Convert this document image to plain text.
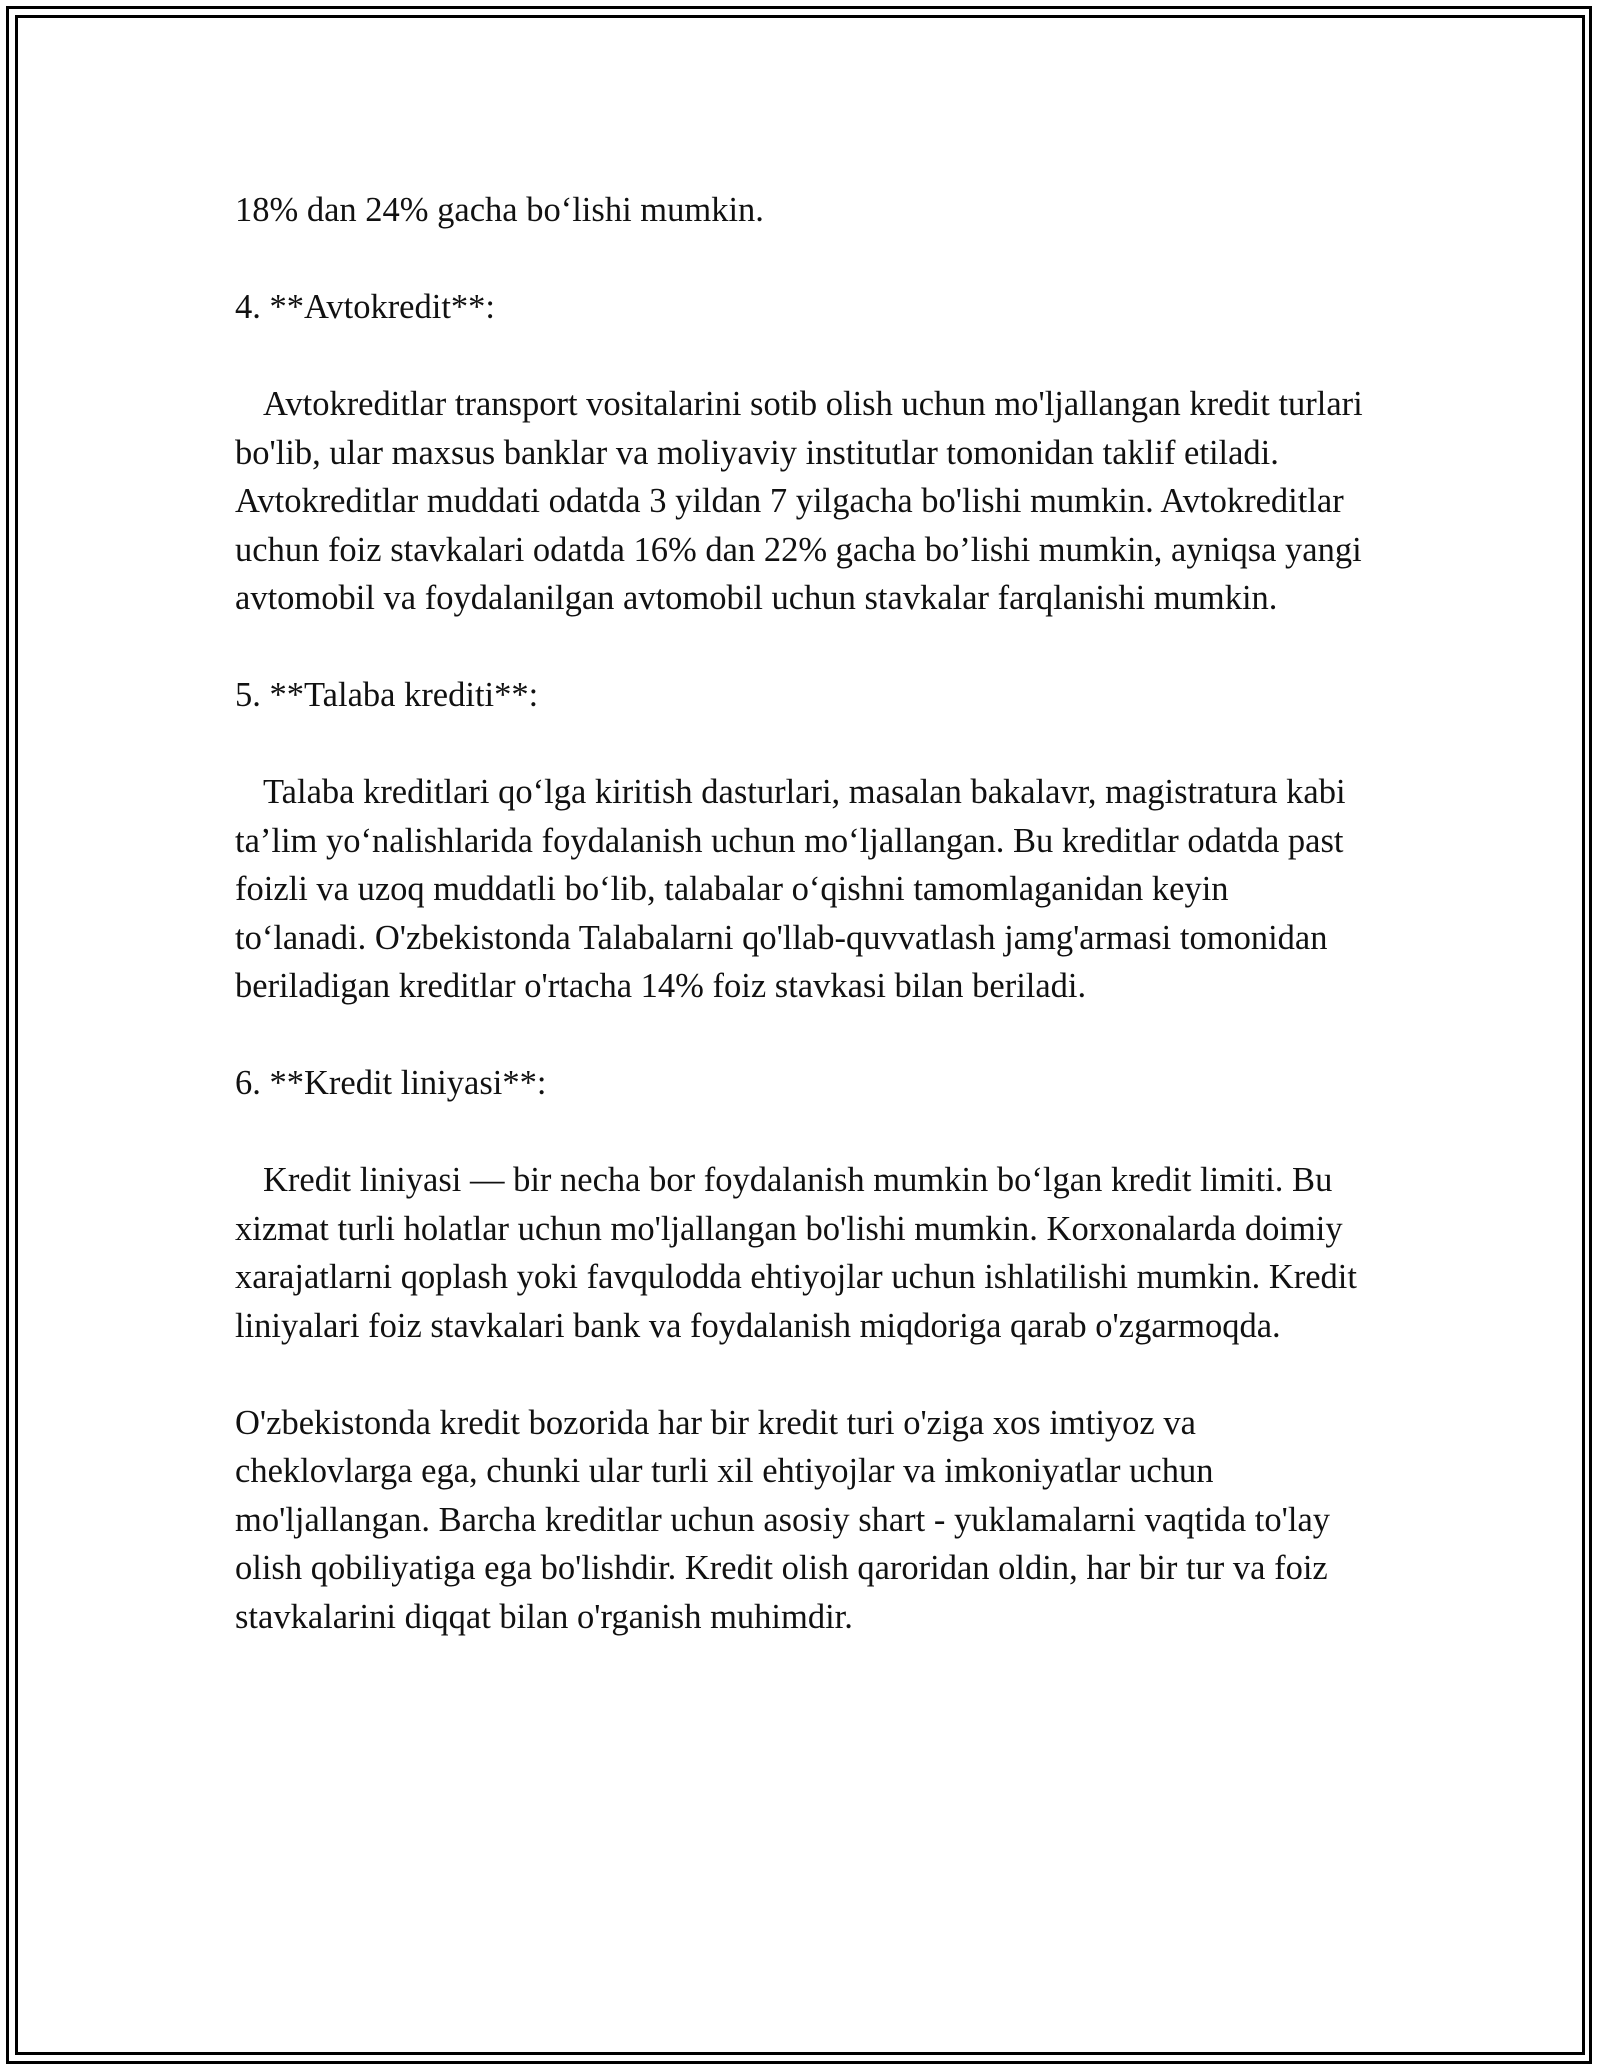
18% dan 24% gacha bo‘lishi mumkin.

4. **Avtokredit**:

Avtokreditlar transport vositalarini sotib olish uchun mo'ljallangan kredit turlari bo'lib, ular maxsus banklar va moliyaviy institutlar tomonidan taklif etiladi. Avtokreditlar muddati odatda 3 yildan 7 yilgacha bo'lishi mumkin. Avtokreditlar uchun foiz stavkalari odatda 16% dan 22% gacha bo’lishi mumkin, ayniqsa yangi avtomobil va foydalanilgan avtomobil uchun stavkalar farqlanishi mumkin.

5. **Talaba krediti**:

Talaba kreditlari qo‘lga kiritish dasturlari, masalan bakalavr, magistratura kabi ta’lim yo‘nalishlarida foydalanish uchun mo‘ljallangan. Bu kreditlar odatda past foizli va uzoq muddatli bo‘lib, talabalar o‘qishni tamomlaganidan keyin to‘lanadi. O'zbekistonda Talabalarni qo'llab-quvvatlash jamg'armasi tomonidan beriladigan kreditlar o'rtacha 14% foiz stavkasi bilan beriladi.

6. **Kredit liniyasi**:

Kredit liniyasi — bir necha bor foydalanish mumkin bo‘lgan kredit limiti. Bu xizmat turli holatlar uchun mo'ljallangan bo'lishi mumkin. Korxonalarda doimiy xarajatlarni qoplash yoki favqulodda ehtiyojlar uchun ishlatilishi mumkin. Kredit liniyalari foiz stavkalari bank va foydalanish miqdoriga qarab o'zgarmoqda.

O'zbekistonda kredit bozorida har bir kredit turi o'ziga xos imtiyoz va cheklovlarga ega, chunki ular turli xil ehtiyojlar va imkoniyatlar uchun mo'ljallangan. Barcha kreditlar uchun asosiy shart - yuklamalarni vaqtida to'lay olish qobiliyatiga ega bo'lishdir. Kredit olish qaroridan oldin, har bir tur va foiz stavkalarini diqqat bilan o'rganish muhimdir.
